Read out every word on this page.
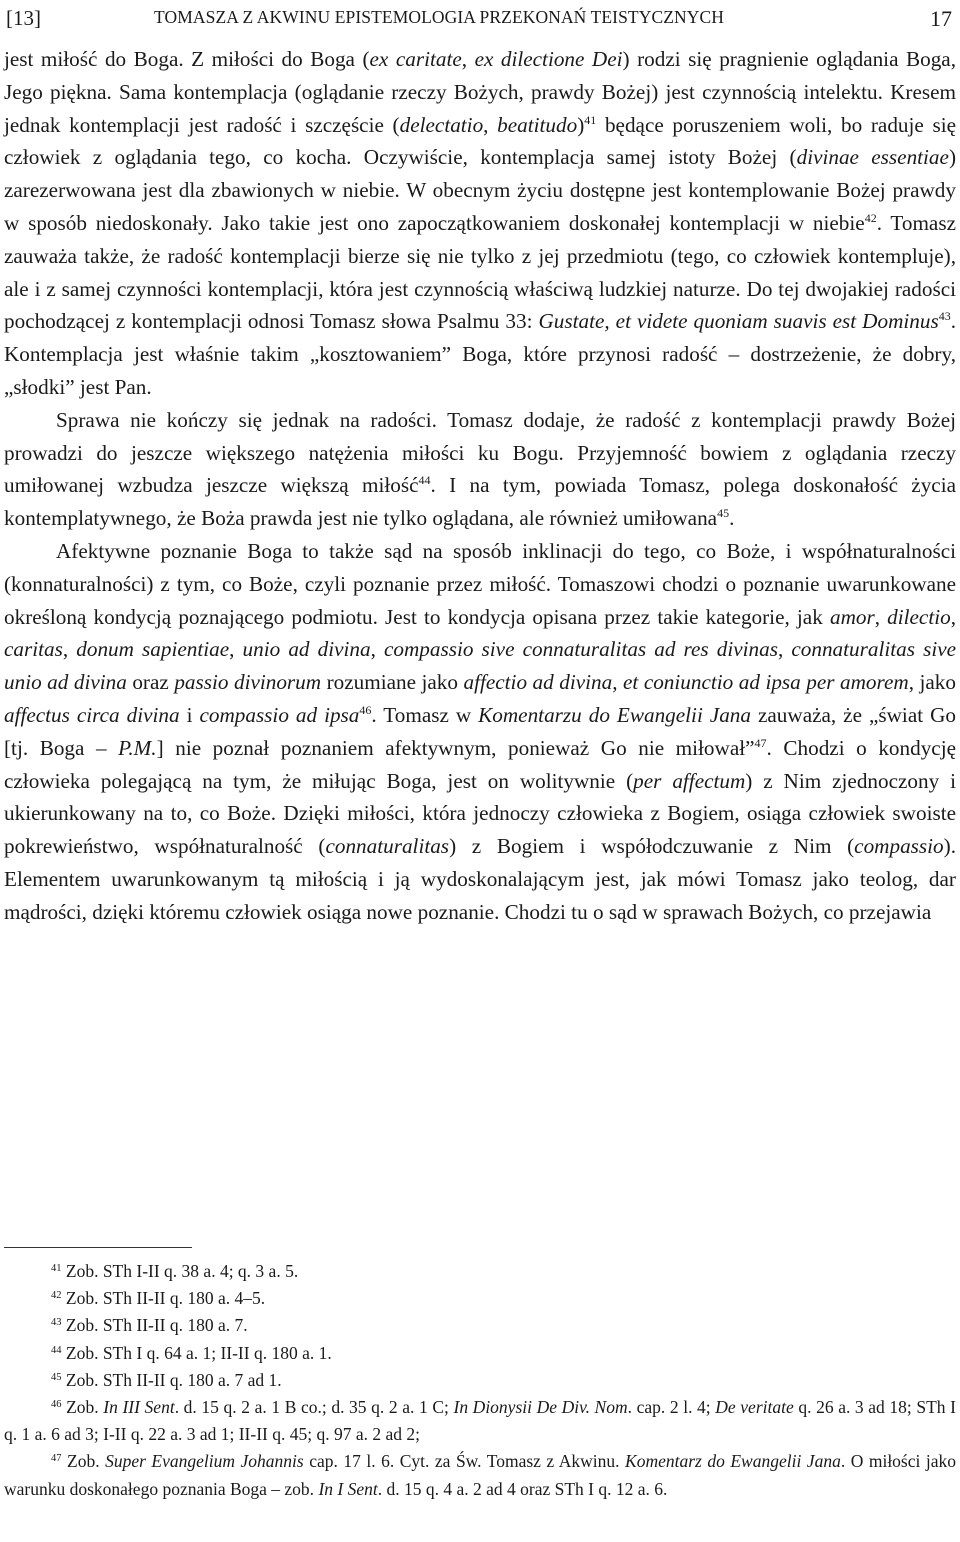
[13]	TOMASZA Z AKWINU EPISTEMOLOGIA PRZEKONAŃ TEISTYCZNYCH	17

jest miłość do Boga. Z miłości do Boga (ex caritate, ex dilectione Dei) rodzi się pragnienie oglądania Boga, Jego piękna. Sama kontemplacja (oglądanie rzeczy Bożych, prawdy Bożej) jest czynnością intelektu. Kresem jednak kontemplacji jest radość i szczęście (delectatio, beatitudo)$^{41}$ będące poruszeniem woli, bo raduje się człowiek z oglądania tego, co kocha. Oczywiście, kontemplacja samej istoty Bożej (divinae essentiae) zarezerwowana jest dla zbawionych w niebie. W obecnym życiu dostępne jest kontemplowanie Bożej prawdy w sposób niedoskonały. Jako takie jest ono zapoczątkowaniem doskonałej kontemplacji w niebie$^{42}$. Tomasz zauważa także, że radość kontemplacji bierze się nie tylko z jej przedmiotu (tego, co człowiek kontempluje), ale i z samej czynności kontemplacji, która jest czynnością właściwą ludzkiej naturze. Do tej dwojakiej radości pochodzącej z kontemplacji odnosi Tomasz słowa Psalmu 33: Gustate, et videte quoniam suavis est Dominus$^{43}$. Kontemplacja jest właśnie takim „kosztowaniem” Boga, które przynosi radość – dostrzeżenie, że dobry, „słodki” jest Pan.

Sprawa nie kończy się jednak na radości. Tomasz dodaje, że radość z kontemplacji prawdy Bożej prowadzi do jeszcze większego natężenia miłości ku Bogu. Przyjemność bowiem z oglądania rzeczy umiłowanej wzbudza jeszcze większą miłość$^{44}$. I na tym, powiada Tomasz, polega doskonałość życia kontemplatywnego, że Boża prawda jest nie tylko oglądana, ale również umiłowana$^{45}$.

Afektywne poznanie Boga to także sąd na sposób inklinacji do tego, co Boże, i współnaturalności (konnaturalności) z tym, co Boże, czyli poznanie przez miłość. Tomaszowi chodzi o poznanie uwarunkowane określoną kondycją poznającego podmiotu. Jest to kondycja opisana przez takie kategorie, jak amor, dilectio, caritas, donum sapientiae, unio ad divina, compassio sive connaturalitas ad res divinas, connaturalitas sive unio ad divina oraz passio divinorum rozumiane jako affectio ad divina, et coniunctio ad ipsa per amorem, jako affectus circa divina i compassio ad ipsa$^{46}$. Tomasz w Komentarzu do Ewangelii Jana zauważa, że „świat Go [tj. Boga – P.M.] nie poznał poznaniem afektywnym, ponieważ Go nie miłował”$^{47}$. Chodzi o kondycję człowieka polegającą na tym, że miłując Boga, jest on wolitywnie (per affectum) z Nim zjednoczony i ukierunkowany na to, co Boże. Dzięki miłości, która jednoczy człowieka z Bogiem, osiąga człowiek swoiste pokrewieństwo, współnaturalność (connaturalitas) z Bogiem i współodczuwanie z Nim (compassio). Elementem uwarunkowanym tą miłością i ją wydoskonalającym jest, jak mówi Tomasz jako teolog, dar mądrości, dzięki któremu człowiek osiąga nowe poznanie. Chodzi tu o sąd w sprawach Bożych, co przejawia

$^{41}$ Zob. STh I-II q. 38 a. 4; q. 3 a. 5.

$^{42}$ Zob. STh II-II q. 180 a. 4–5.

$^{43}$ Zob. STh II-II q. 180 a. 7.

$^{44}$ Zob. STh I q. 64 a. 1; II-II q. 180 a. 1.

$^{45}$ Zob. STh II-II q. 180 a. 7 ad 1.

$^{46}$ Zob. In III Sent. d. 15 q. 2 a. 1 B co.; d. 35 q. 2 a. 1 C; In Dionysii De Div. Nom. cap. 2 l. 4; De veritate q. 26 a. 3 ad 18; STh I q. 1 a. 6 ad 3; I-II q. 22 a. 3 ad 1; II-II q. 45; q. 97 a. 2 ad 2;

$^{47}$ Zob. Super Evangelium Johannis cap. 17 l. 6. Cyt. za Św. Tomasz z Akwinu. Komentarz do Ewangelii Jana. O miłości jako warunku doskonałego poznania Boga – zob. In I Sent. d. 15 q. 4 a. 2 ad 4 oraz STh I q. 12 a. 6.
